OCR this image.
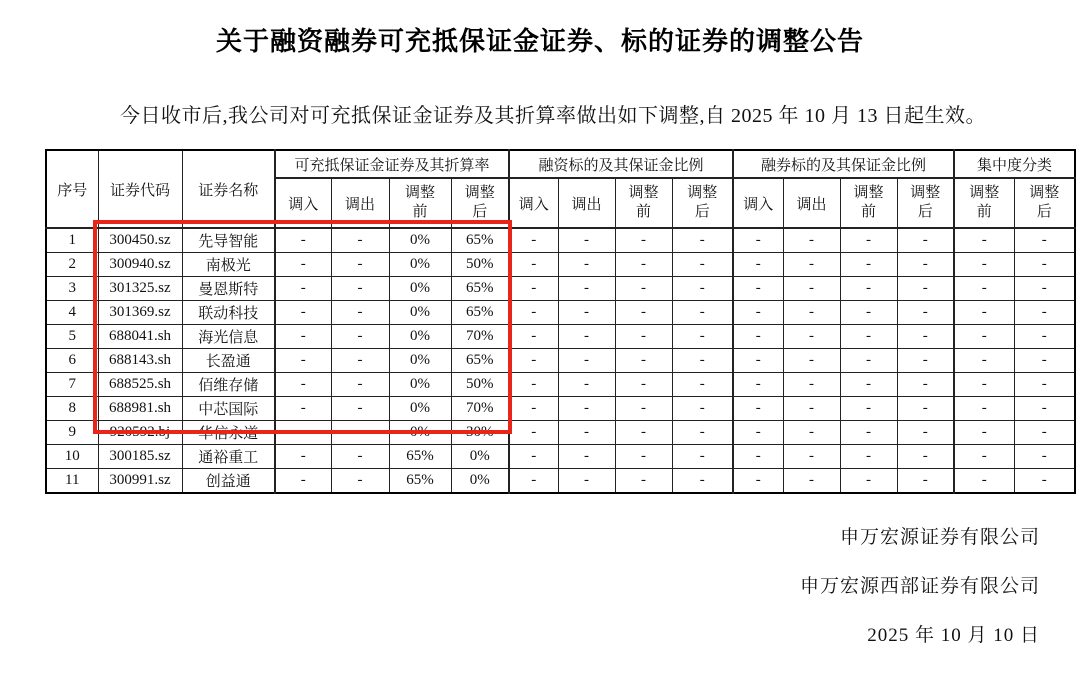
关于融资融券可充抵保证金证券、标的证券的调整公告

今日收市后,我公司对可充抵保证金证券及其折算率做出如下调整,自 2025 年 10 月 13 日起生效。

序号	证券代码	证券名称	可充抵保证金证券及其折算率				融资标的及其保证金比例				融券标的及其保证金比例				集中度分类	
			调入	调出	调整前	调整后	调入	调出	调整前	调整后	调入	调出	调整前	调整后	调整前	调整后
1	300450.sz	先导智能	-	-	0%	65%	-	-	-	-	-	-	-	-	-	-
2	300940.sz	南极光	-	-	0%	50%	-	-	-	-	-	-	-	-	-	-
3	301325.sz	曼恩斯特	-	-	0%	65%	-	-	-	-	-	-	-	-	-	-
4	301369.sz	联动科技	-	-	0%	65%	-	-	-	-	-	-	-	-	-	-
5	688041.sh	海光信息	-	-	0%	70%	-	-	-	-	-	-	-	-	-	-
6	688143.sh	长盈通	-	-	0%	65%	-	-	-	-	-	-	-	-	-	-
7	688525.sh	佰维存储	-	-	0%	50%	-	-	-	-	-	-	-	-	-	-
8	688981.sh	中芯国际	-	-	0%	70%	-	-	-	-	-	-	-	-	-	-
9	920592.bj	华信永道	-	-	0%	30%	-	-	-	-	-	-	-	-	-	-
10	300185.sz	通裕重工	-	-	65%	0%	-	-	-	-	-	-	-	-	-	-
11	300991.sz	创益通	-	-	65%	0%	-	-	-	-	-	-	-	-	-	-

申万宏源证券有限公司

申万宏源西部证券有限公司

2025 年 10 月 10 日
